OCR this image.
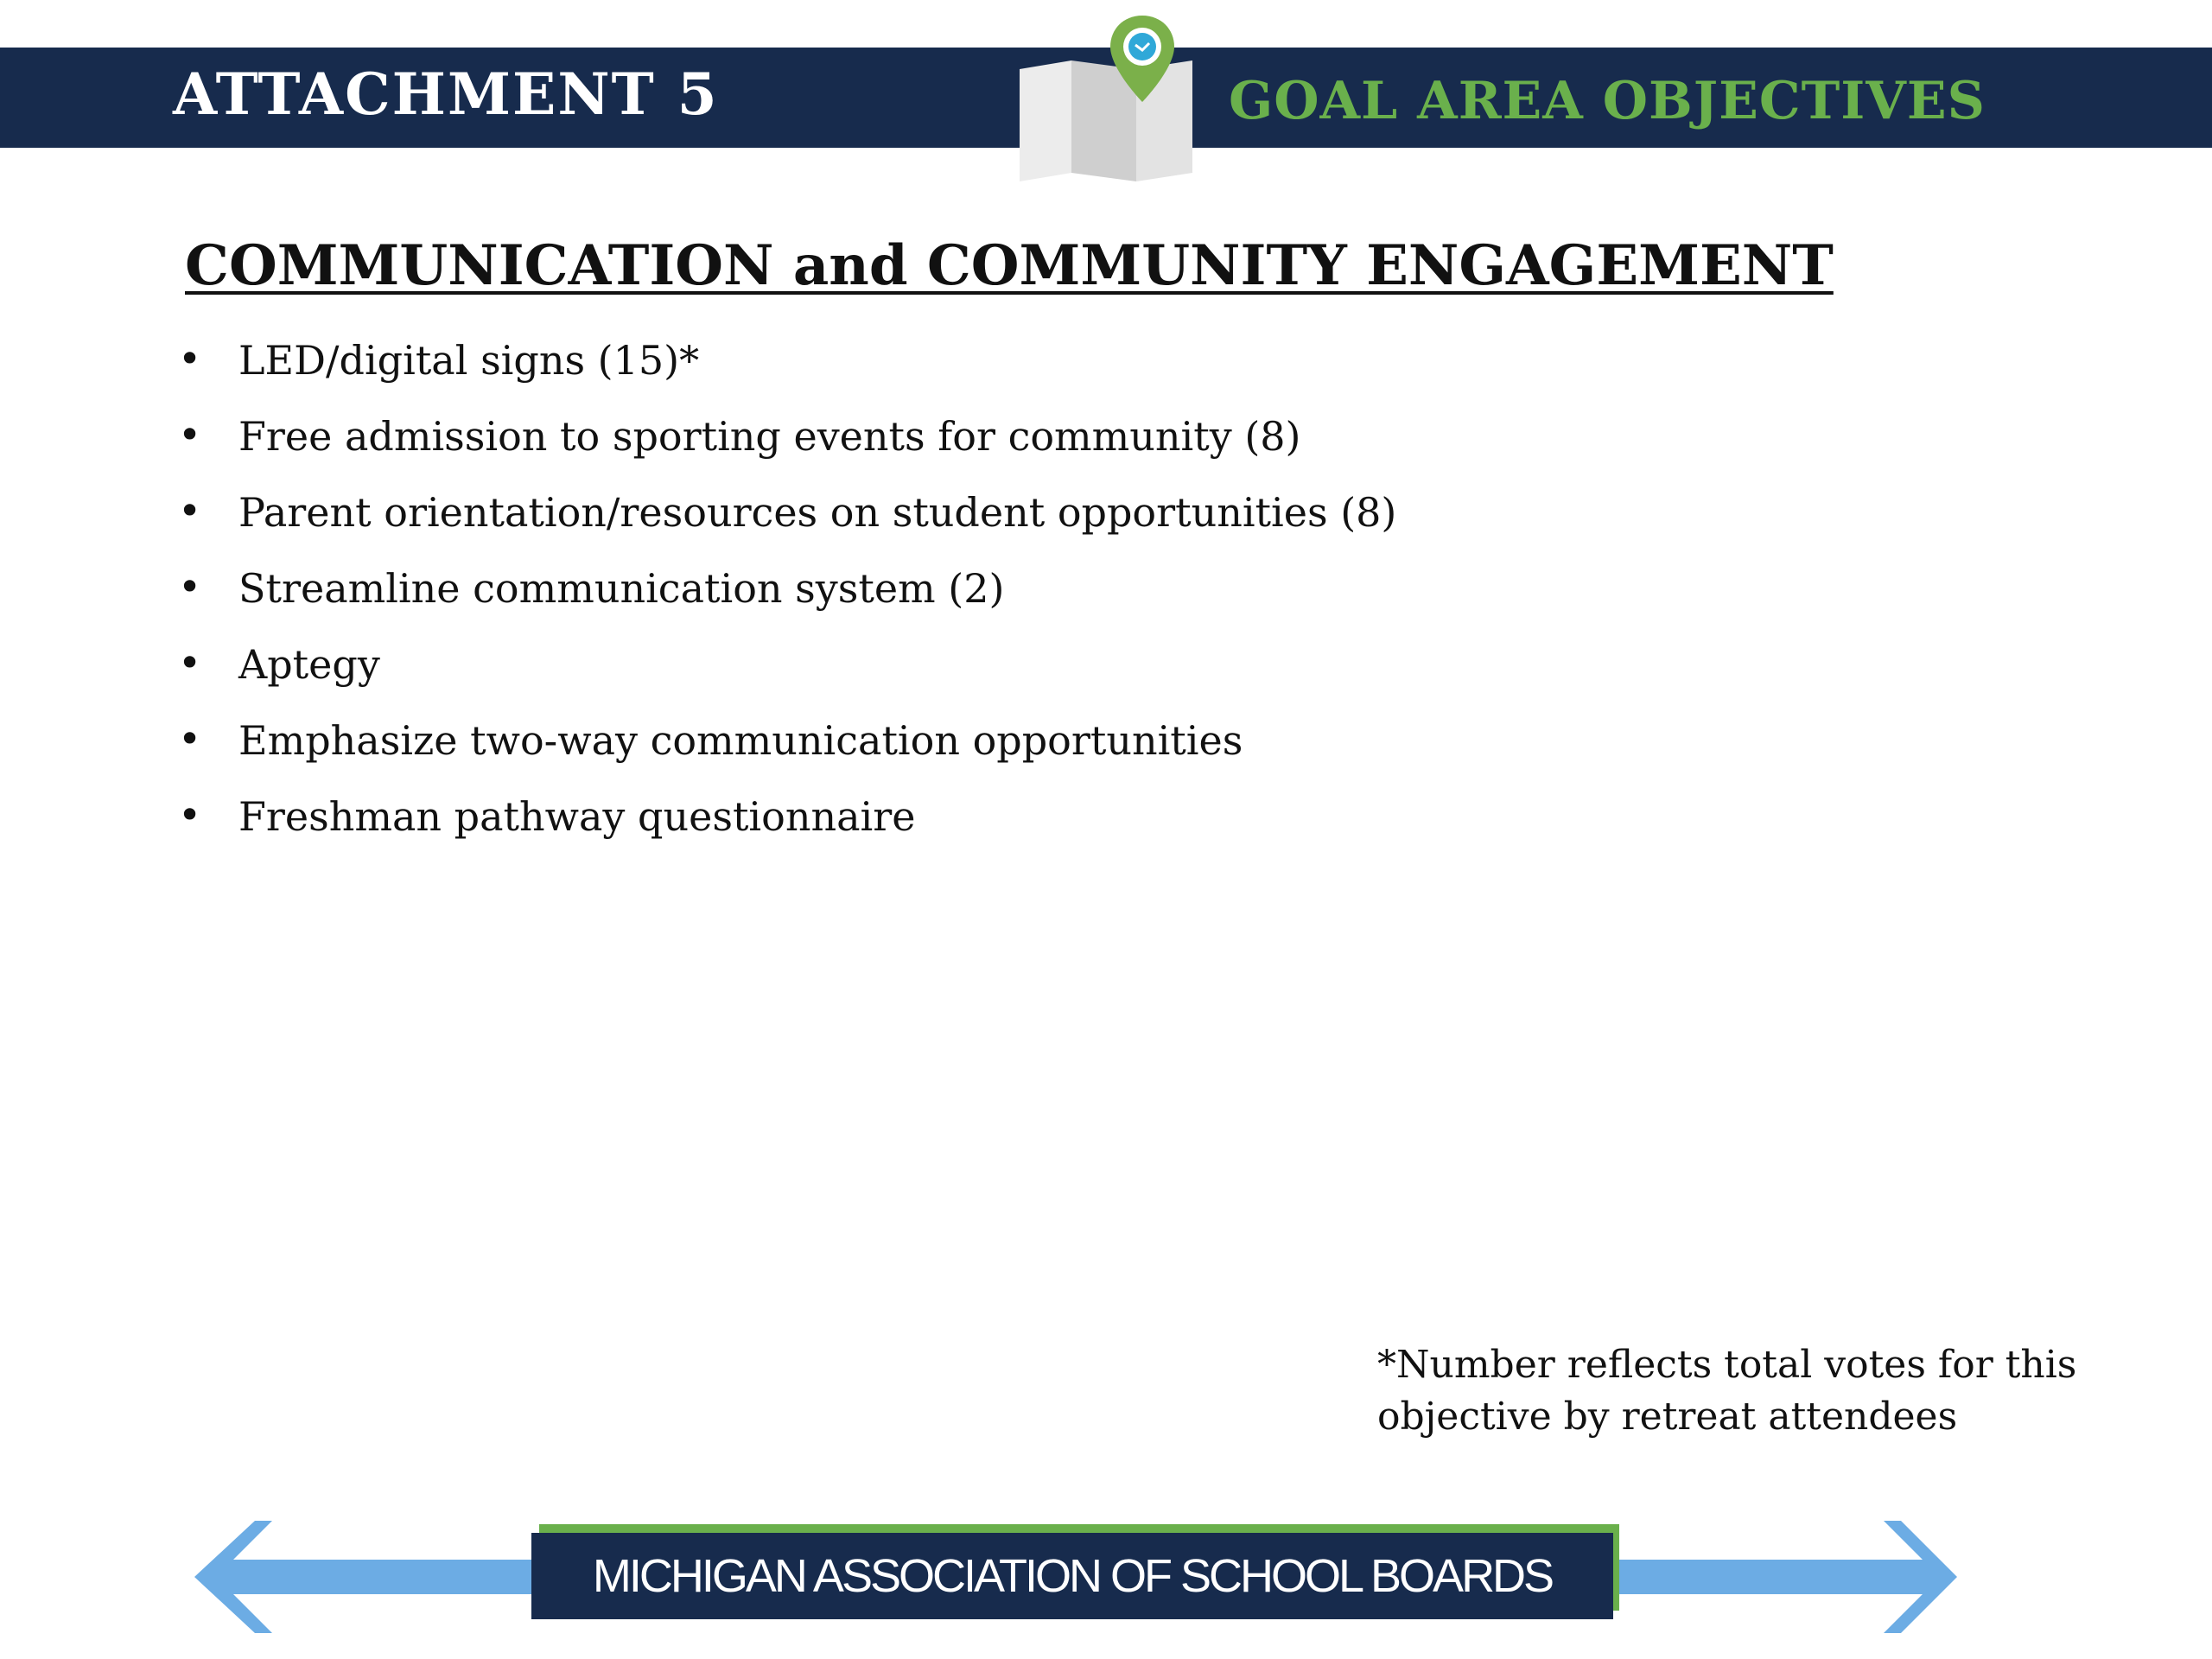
ATTACHMENT 5	GOAL AREA OBJECTIVES
COMMUNICATION and COMMUNITY ENGAGEMENT
• LED/digital signs (15)*
• Free admission to sporting events for community (8)
• Parent orientation/resources on student opportunities (8)
• Streamline communication system (2)
• Aptegy
• Emphasize two-way communication opportunities
• Freshman pathway questionnaire
*Number reflects total votes for this
objective by retreat attendees
MICHIGAN ASSOCIATION OF SCHOOL BOARDS
